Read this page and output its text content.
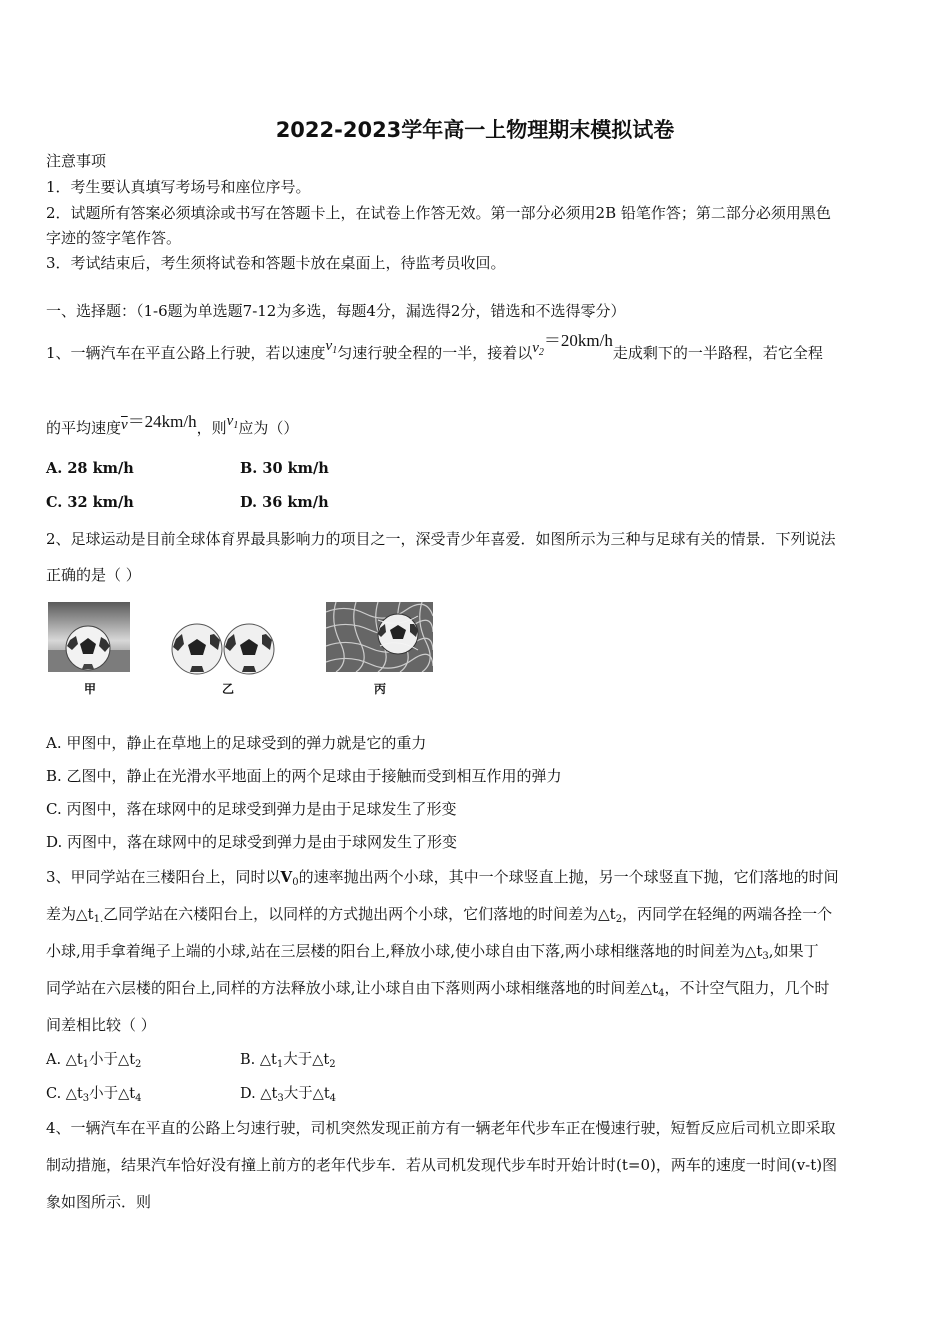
2022-2023学年高一上物理期末模拟试卷
注意事项
1．考生要认真填写考场号和座位序号。
2．试题所有答案必须填涂或书写在答题卡上，在试卷上作答无效。第一部分必须用2B 铅笔作答；第二部分必须用黑色
字迹的签字笔作答。
3．考试结束后，考生须将试卷和答题卡放在桌面上，待监考员收回。
一、选择题：（1-6题为单选题7-12为多选，每题4分，漏选得2分，错选和不选得零分）
1、一辆汽车在平直公路上行驶，若以速度$v_1$匀速行驶全程的一半，接着以$v_2=20km/h$走成剩下的一半路程，若它全程
的平均速度$\overline{v}=24km/h$，则$v_1$应为（）
A. 28 km/h	B. 30 km/h
C. 32 km/h	D. 36 km/h
2、足球运动是目前全球体育界最具影响力的项目之一，深受青少年喜爱．如图所示为三种与足球有关的情景．下列说法
正确的是（ ）
甲	乙	丙
A. 甲图中，静止在草地上的足球受到的弹力就是它的重力
B. 乙图中，静止在光滑水平地面上的两个足球由于接触而受到相互作用的弹力
C. 丙图中，落在球网中的足球受到弹力是由于足球发生了形变
D. 丙图中，落在球网中的足球受到弹力是由于球网发生了形变
3、甲同学站在三楼阳台上，同时以$V_0$的速率抛出两个小球，其中一个球竖直上抛，另一个球竖直下抛，它们落地的时间
差为$\triangle t_{1.}$乙同学站在六楼阳台上，以同样的方式抛出两个小球，它们落地的时间差为$\triangle t_2$，丙同学在轻绳的两端各拴一个
小球,用手拿着绳子上端的小球,站在三层楼的阳台上,释放小球,使小球自由下落,两小球相继落地的时间差为$\triangle t_3$,如果丁
同学站在六层楼的阳台上,同样的方法释放小球,让小球自由下落则两小球相继落地的时间差$\triangle t_4$，不计空气阻力，几个时
间差相比较（ ）
A. $\triangle t_1$小于$\triangle t_2$	B. $\triangle t_1$大于$\triangle t_2$
C. $\triangle t_3$小于$\triangle t_4$	D. $\triangle t_3$大于$\triangle t_4$
4、一辆汽车在平直的公路上匀速行驶，司机突然发现正前方有一辆老年代步车正在慢速行驶，短暂反应后司机立即采取
制动措施，结果汽车恰好没有撞上前方的老年代步车．若从司机发现代步车时开始计时(t=0)，两车的速度一时间(v-t)图
象如图所示．则
